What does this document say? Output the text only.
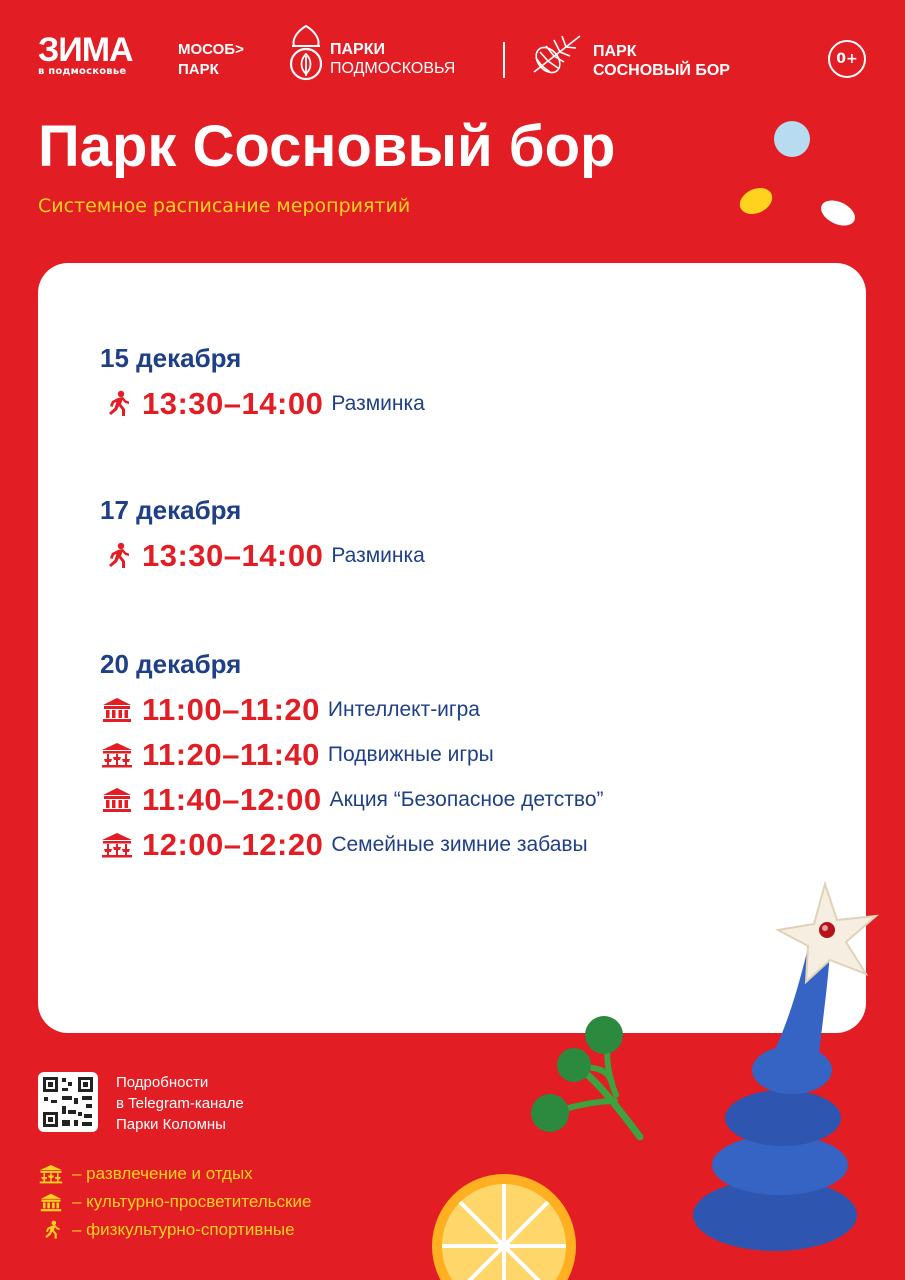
ЗИМА
в подмосковье
МОСОБ>
ПАРК
ПАРКИ
ПОДМОСКОВЬЯ
ПАРК
СОСНОВЫЙ БОР
0+
Парк Сосновый бор
Системное расписание мероприятий
15 декабря
13:30–14:00 Разминка
17 декабря
13:30–14:00 Разминка
20 декабря
11:00–11:20 Интеллект-игра
11:20–11:40 Подвижные игры
11:40–12:00 Акция “Безопасное детство”
12:00–12:20 Семейные зимние забавы
Подробности
в Telegram-канале
Парки Коломны
– развлечение и отдых
– культурно-просветительские
– физкультурно-спортивные
